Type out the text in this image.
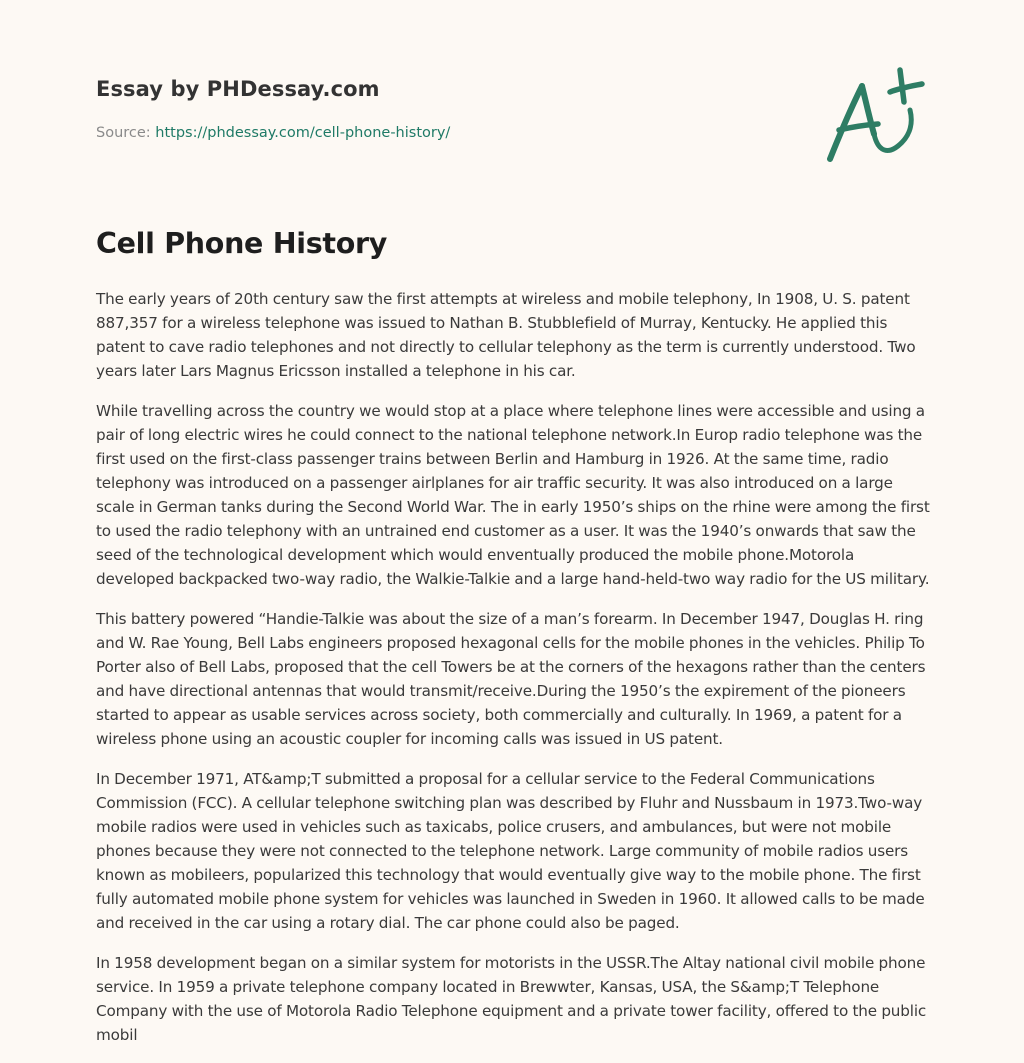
Essay by PHDessay.com
Source: https://phdessay.com/cell-phone-history/
Cell Phone History

The early years of 20th century saw the first attempts at wireless and mobile telephony, In 1908, U. S. patent 887,357 for a wireless telephone was issued to Nathan B. Stubblefield of Murray, Kentucky. He applied this patent to cave radio telephones and not directly to cellular telephony as the term is currently understood. Two years later Lars Magnus Ericsson installed a telephone in his car.

While travelling across the country we would stop at a place where telephone lines were accessible and using a pair of long electric wires he could connect to the national telephone network.In Europ radio telephone was the first used on the first-class passenger trains between Berlin and Hamburg in 1926. At the same time, radio telephony was introduced on a passenger airlplanes for air traffic security. It was also introduced on a large scale in German tanks during the Second World War. The in early 1950’s ships on the rhine were among the first to used the radio telephony with an untrained end customer as a user. It was the 1940’s onwards that saw the seed of the technological development which would enventually produced the mobile phone.Motorola developed backpacked two-way radio, the Walkie-Talkie and a large hand-held-two way radio for the US military.

This battery powered “Handie-Talkie was about the size of a man’s forearm. In December 1947, Douglas H. ring and W. Rae Young, Bell Labs engineers proposed hexagonal cells for the mobile phones in the vehicles. Philip To Porter also of Bell Labs, proposed that the cell Towers be at the corners of the hexagons rather than the centers and have directional antennas that would transmit/receive.During the 1950’s the expirement of the pioneers started to appear as usable services across society, both commercially and culturally. In 1969, a patent for a wireless phone using an acoustic coupler for incoming calls was issued in US patent.

In December 1971, AT&amp;T submitted a proposal for a cellular service to the Federal Communications Commission (FCC). A cellular telephone switching plan was described by Fluhr and Nussbaum in 1973.Two-way mobile radios were used in vehicles such as taxicabs, police crusers, and ambulances, but were not mobile phones because they were not connected to the telephone network. Large community of mobile radios users known as mobileers, popularized this technology that would eventually give way to the mobile phone. The first fully automated mobile phone system for vehicles was launched in Sweden in 1960. It allowed calls to be made and received in the car using a rotary dial. The car phone could also be paged.

In 1958 development began on a similar system for motorists in the USSR.The Altay national civil mobile phone service. In 1959 a private telephone company located in Brewwter, Kansas, USA, the S&amp;T Telephone Company with the use of Motorola Radio Telephone equipment and a private tower facility, offered to the public mobil
